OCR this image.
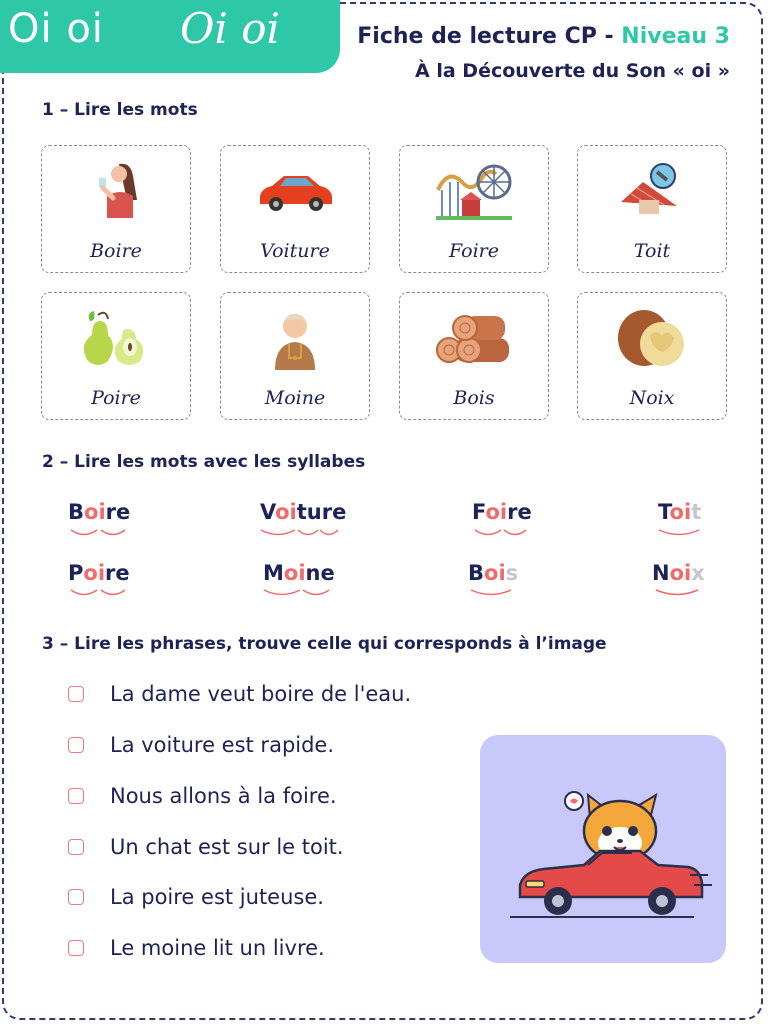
Oi oi Oi oi	Fiche de lecture CP - Niveau 3
À la Découverte du Son « oi »
1 – Lire les mots
Boire	Voiture	Foire	Toit
Poire	Moine	Bois	Noix
2 – Lire les mots avec les syllabes
Boire	Voiture	Foire	Toit
Poire	Moine	Bois	Noix
3 – Lire les phrases, trouve celle qui corresponds à l’image
La dame veut boire de l'eau.
La voiture est rapide.
Nous allons à la foire.
Un chat est sur le toit.
La poire est juteuse.
Le moine lit un livre.
